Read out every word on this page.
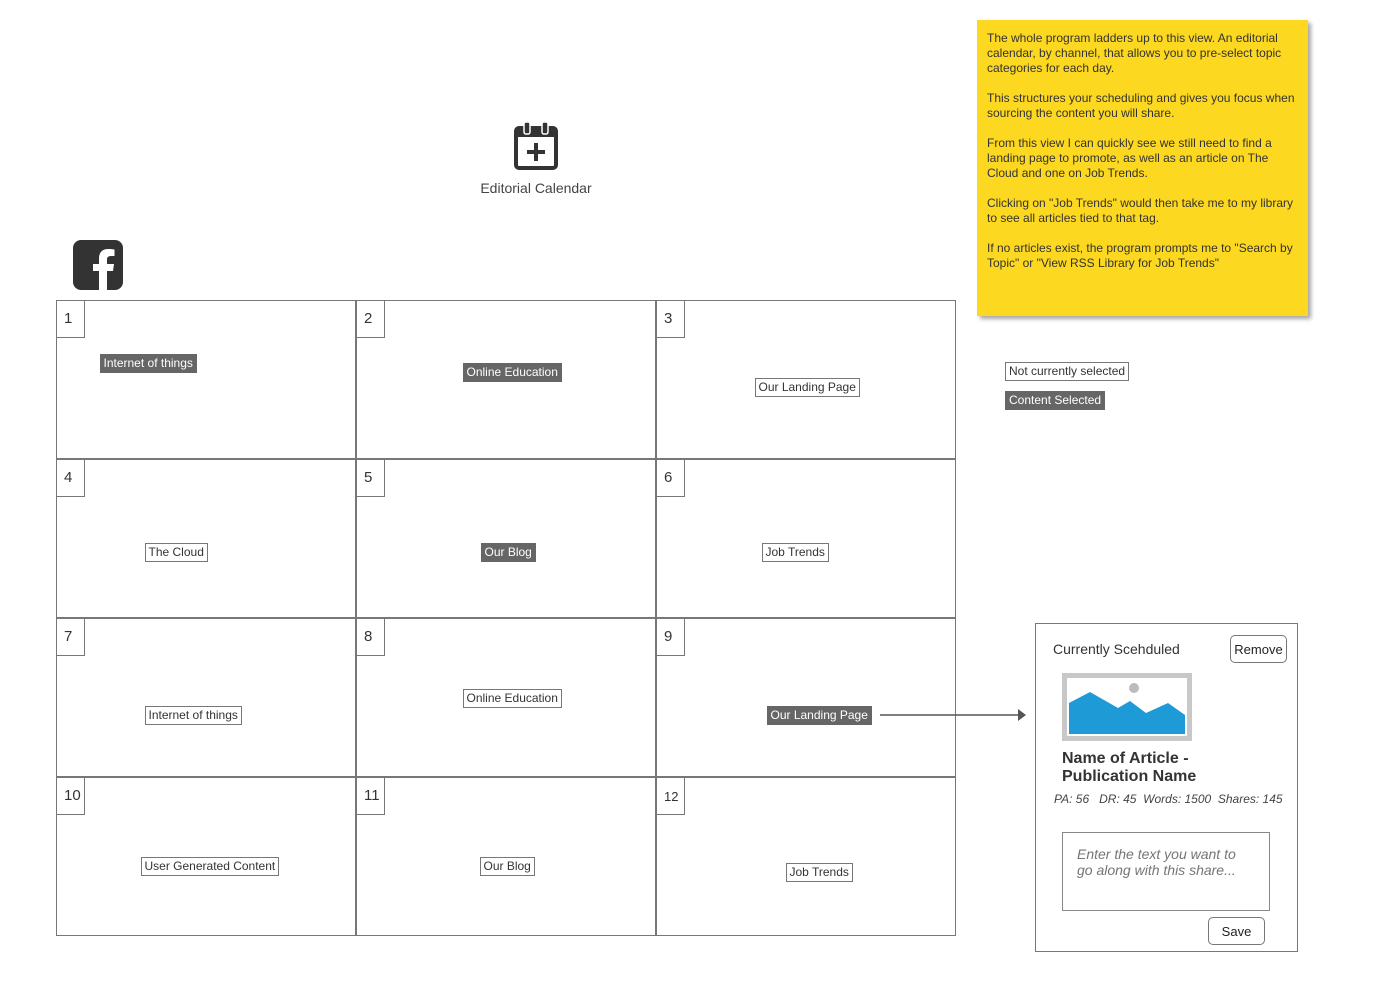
Editorial Calendar
1
Internet of things
2
Online Education
3
Our Landing Page
4
The Cloud
5
Our Blog
6
Job Trends
7
Internet of things
8
Online Education
9
Our Landing Page
10
User Generated Content
11
Our Blog
12
Job Trends

The whole program ladders up to this view. An editorial calendar, by channel, that allows you to pre-select topic categories for each day.

This structures your scheduling and gives you focus when sourcing the content you will share.

From this view I can quickly see we still need to find a landing page to promote, as well as an article on The Cloud and one on Job Trends.

Clicking on "Job Trends" would then take me to my library to see all articles tied to that tag.

If no articles exist, the program prompts me to "Search by Topic" or "View RSS Library for Job Trends"

Not currently selected
Content Selected
Currently Scehduled	Remove
Name of Article - Publication Name
PA: 56   DR: 45  Words: 1500  Shares: 145
Enter the text you want to go along with this share...
Save
